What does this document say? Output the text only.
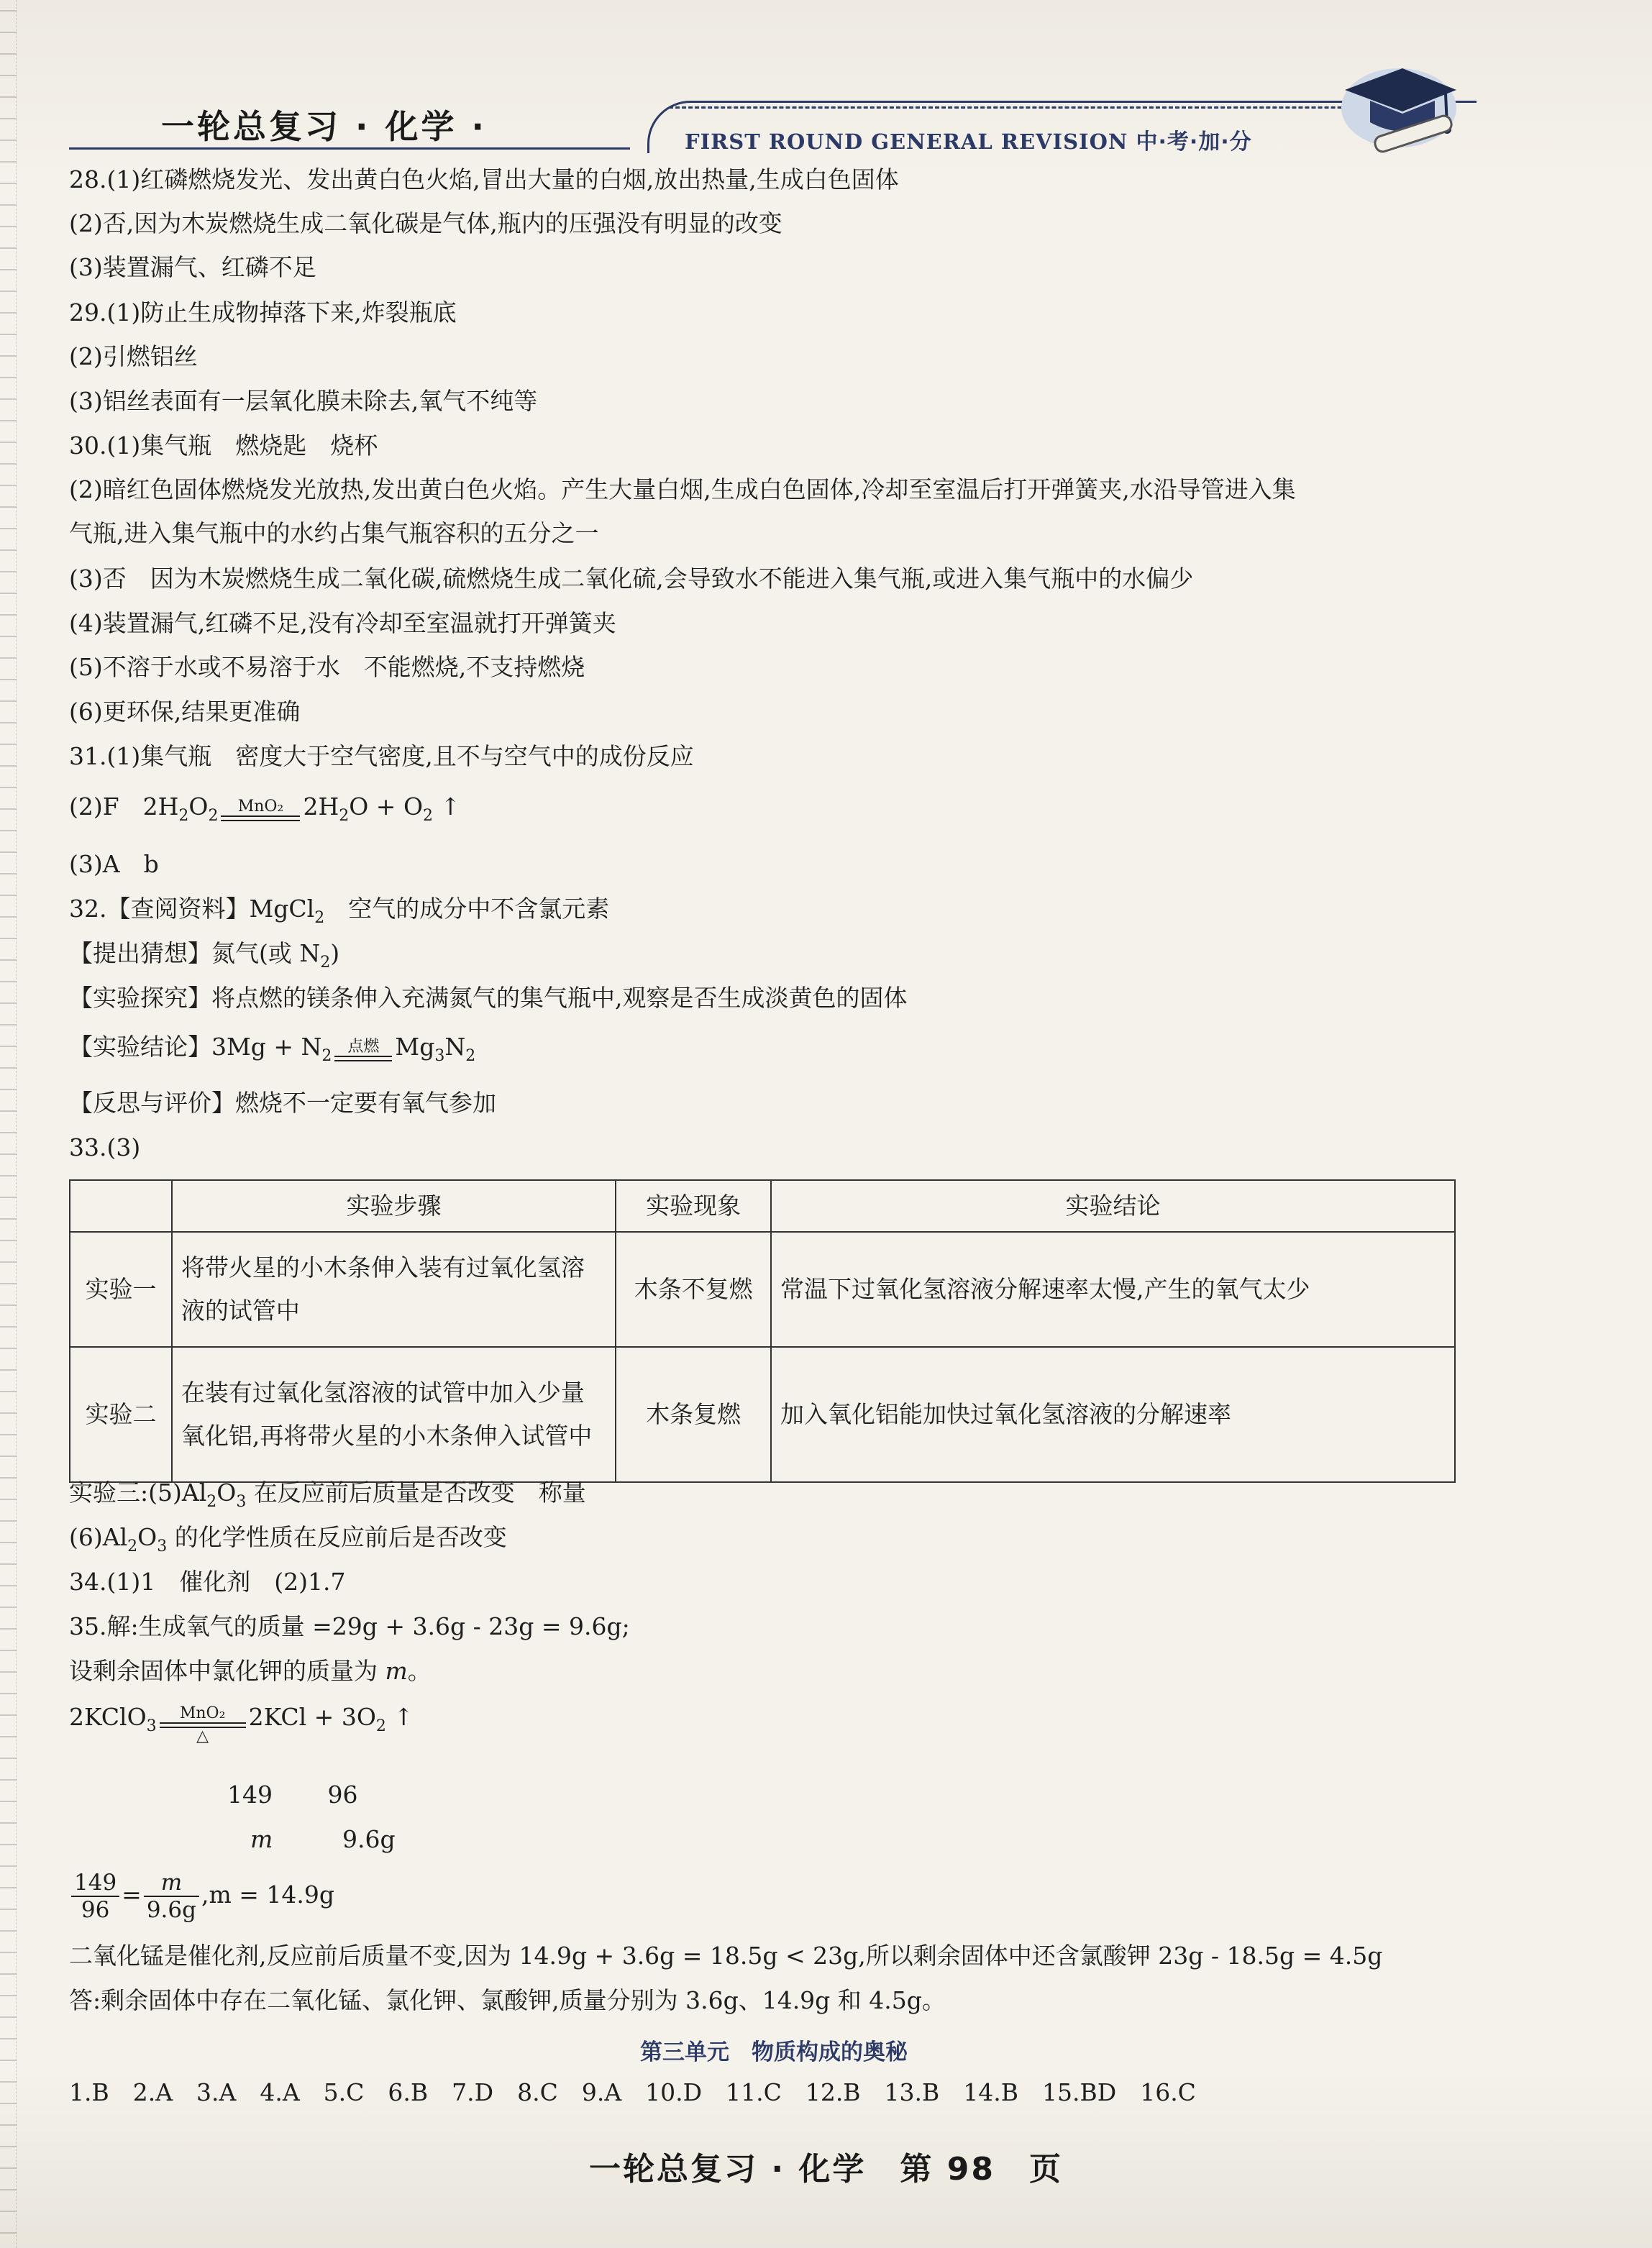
一轮总复习 · 化学 ·	FIRST ROUND GENERAL REVISION 中·考·加·分
28.(1)红磷燃烧发光、发出黄白色火焰,冒出大量的白烟,放出热量,生成白色固体
(2)否,因为木炭燃烧生成二氧化碳是气体,瓶内的压强没有明显的改变
(3)装置漏气、红磷不足
29.(1)防止生成物掉落下来,炸裂瓶底
(2)引燃铝丝
(3)铝丝表面有一层氧化膜未除去,氧气不纯等
30.(1)集气瓶　燃烧匙　烧杯
(2)暗红色固体燃烧发光放热,发出黄白色火焰。产生大量白烟,生成白色固体,冷却至室温后打开弹簧夹,水沿导管进入集
气瓶,进入集气瓶中的水约占集气瓶容积的五分之一
(3)否　因为木炭燃烧生成二氧化碳,硫燃烧生成二氧化硫,会导致水不能进入集气瓶,或进入集气瓶中的水偏少
(4)装置漏气,红磷不足,没有冷却至室温就打开弹簧夹
(5)不溶于水或不易溶于水　不能燃烧,不支持燃烧
(6)更环保,结果更准确
31.(1)集气瓶　密度大于空气密度,且不与空气中的成份反应
(2)F　$2H_2O_2$
MnO₂ $2H_2O + O_2$ ↑
(3)A　b
32.【查阅资料】MgCl$_2$　空气的成分中不含氯元素
【提出猜想】氮气(或 $N_2$)
【实验探究】将点燃的镁条伸入充满氮气的集气瓶中,观察是否生成淡黄色的固体
【实验结论】$3Mg + N_2$
点燃 $Mg_3N_2$
【反思与评价】燃烧不一定要有氧气参加
33.(3)
	实验步骤	实验现象	实验结论
实验一	将带火星的小木条伸入装有过氧化氢溶液的试管中	木条不复燃	常温下过氧化氢溶液分解速率太慢,产生的氧气太少
实验二	在装有过氧化氢溶液的试管中加入少量氧化铝,再将带火星的小木条伸入试管中	木条复燃	加入氧化铝能加快过氧化氢溶液的分解速率
实验三$:(5)Al_2O_3$ 在反应前后质量是否改变　称量
$(6)Al_2O_3$ 的化学性质在反应前后是否改变
34.(1)1　催化剂　(2)1.7
35.解:生成氧气的质量 =29g + 3.6g - 23g = 9.6g;
设剩余固体中氯化钾的质量为 m。
2KClO$_3$
MnO₂
△
$2KCl + 3O_2$ ↑
149　　 96
m	9.6g
$\frac{149}{96} = \frac{m}{9.6g} ,m = 14.9g$
二氧化锰是催化剂,反应前后质量不变,因为 14.9g + 3.6g = 18.5g < 23g,所以剩余固体中还含氯酸钾 23g - 18.5g = 4.5g
答:剩余固体中存在二氧化锰、氯化钾、氯酸钾,质量分别为 3.6g、14.9g 和 4.5g。
第三单元　物质构成的奥秘
1.B　2.A　3.A　4.A　5.C　6.B　7.D　8.C　9.A　10.D　11.C　12.B　13.B　14.B　15.BD　16.C
一轮总复习 · 化学　第 98　页
